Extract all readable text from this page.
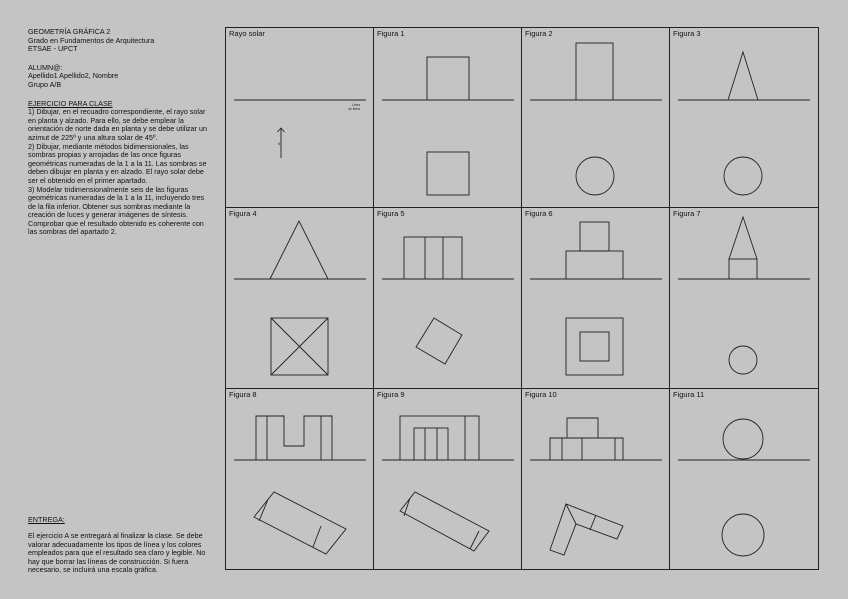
GEOMETRÍA GRÁFICA 2

Grado en Fundamentos de Arquitectura

ETSAE - UPCT

ALUMN@:

Apellido1 Apellido2, Nombre

Grupo A/B

EJERCICIO PARA CLASE

1) Dibujar, en el recuadro correspondiente, el rayo solar en planta y alzado. Para ello, se debe emplear la orientación de norte dada en planta y se debe utilizar un azimut de 225º y una altura solar de 45º.

2) Dibujar, mediante métodos bidimensionales, las sombras propias y arrojadas de las once figuras geométricas numeradas de la 1 a la 11. Las sombras se deben dibujar en planta y en alzado. El rayo solar debe ser el obtenido en el primer apartado.

3) Modelar tridimensionalmente seis de las figuras geométricas numeradas de la 1 a la 11, incluyendo tres de la fila inferior. Obtener sus sombras mediante la creación de luces y generar imágenes de síntesis. Comprobar que el resultado obtenido es coherente con las sombras del apartado 2.

ENTREGA:

El ejercicio A se entregará al finalizar la clase. Se debe valorar adecuadamente los tipos de línea y los colores empleados para que el resultado sea claro y legible. No hay que borrar las líneas de construcción. Si fuera necesario, se incluirá una escala gráfica.

Rayo solar
Línea
de tierra
N
Figura 1	Figura 2	Figura 3
Figura 4	Figura 5	Figura 6	Figura 7
Figura 8	Figura 9	Figura 10	Figura 11
